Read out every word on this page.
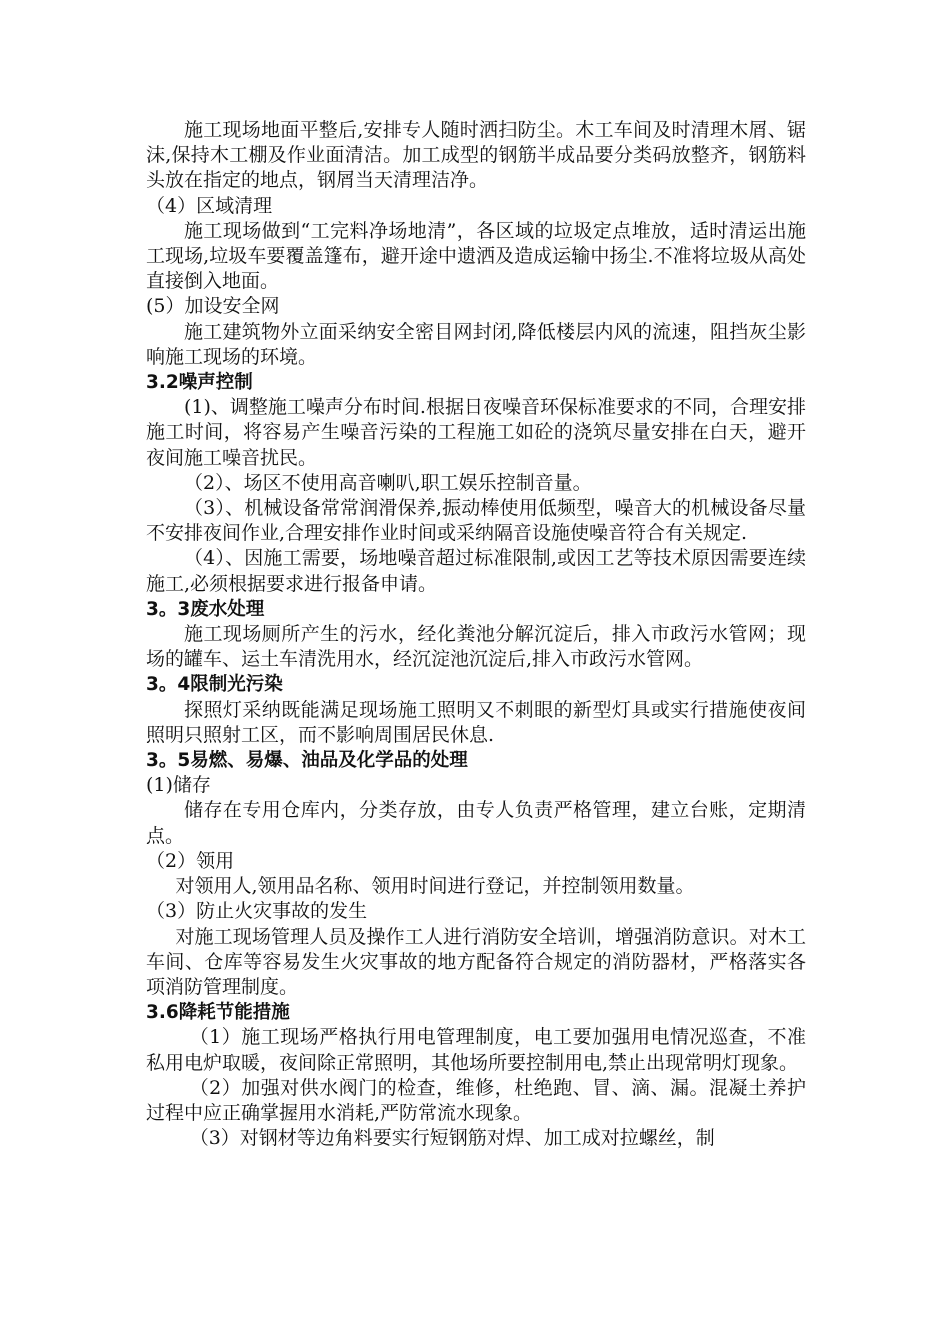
施工现场地面平整后,安排专人随时洒扫防尘。木工车间及时清理木屑、锯沫,保持木工棚及作业面清洁。加工成型的钢筋半成品要分类码放整齐，钢筋料头放在指定的地点，钢屑当天清理洁净。

（4）区域清理

施工现场做到“工完料净场地清”，各区域的垃圾定点堆放，适时清运出施工现场,垃圾车要覆盖篷布，避开途中遗洒及造成运输中扬尘.不准将垃圾从高处直接倒入地面。

(5）加设安全网

施工建筑物外立面采纳安全密目网封闭,降低楼层内风的流速，阻挡灰尘影响施工现场的环境。

3.2噪声控制

(1)、调整施工噪声分布时间.根据日夜噪音环保标准要求的不同，合理安排施工时间，将容易产生噪音污染的工程施工如砼的浇筑尽量安排在白天，避开夜间施工噪音扰民。

（2）、场区不使用高音喇叭,职工娱乐控制音量。

（3）、机械设备常常润滑保养,振动棒使用低频型，噪音大的机械设备尽量不安排夜间作业,合理安排作业时间或采纳隔音设施使噪音符合有关规定.

（4）、因施工需要，场地噪音超过标准限制,或因工艺等技术原因需要连续施工,必须根据要求进行报备申请。

3。3废水处理

施工现场厕所产生的污水，经化粪池分解沉淀后，排入市政污水管网；现场的罐车、运土车清洗用水，经沉淀池沉淀后,排入市政污水管网。

3。4限制光污染

探照灯采纳既能满足现场施工照明又不刺眼的新型灯具或实行措施使夜间照明只照射工区，而不影响周围居民休息.

3。5易燃、易爆、油品及化学品的处理

(1)储存

储存在专用仓库内，分类存放，由专人负责严格管理，建立台账，定期清点。

（2）领用

对领用人,领用品名称、领用时间进行登记，并控制领用数量。

（3）防止火灾事故的发生

对施工现场管理人员及操作工人进行消防安全培训，增强消防意识。对木工车间、仓库等容易发生火灾事故的地方配备符合规定的消防器材，严格落实各项消防管理制度。

3.6降耗节能措施

（1）施工现场严格执行用电管理制度，电工要加强用电情况巡查，不准私用电炉取暖，夜间除正常照明，其他场所要控制用电,禁止出现常明灯现象。

（2）加强对供水阀门的检查，维修，杜绝跑、冒、滴、漏。混凝土养护过程中应正确掌握用水消耗,严防常流水现象。

（3）对钢材等边角料要实行短钢筋对焊、加工成对拉螺丝，制
